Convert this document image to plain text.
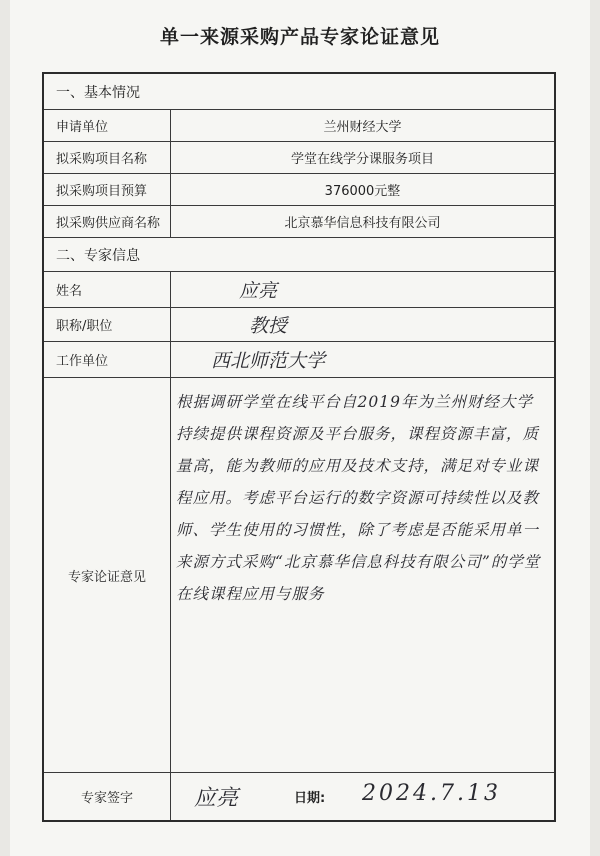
单一来源采购产品专家论证意见
一、基本情况
申请单位	兰州财经大学
拟采购项目名称	学堂在线学分课服务项目
拟采购项目预算	376000元整
拟采购供应商名称	北京慕华信息科技有限公司
二、专家信息
姓名	应亮
职称/职位	教授
工作单位	西北师范大学
专家论证意见
根据调研学堂在线平台自2019年为兰州财经大学持续提供课程资源及平台服务，课程资源丰富，质量高，能为教师的应用及技术支持，满足对专业课程应用。考虑平台运行的数字资源可持续性以及教师、学生使用的习惯性，除了考虑是否能采用单一来源方式采购“北京慕华信息科技有限公司”的学堂在线课程应用与服务
专家签字	应亮	日期: 2024.7.13
